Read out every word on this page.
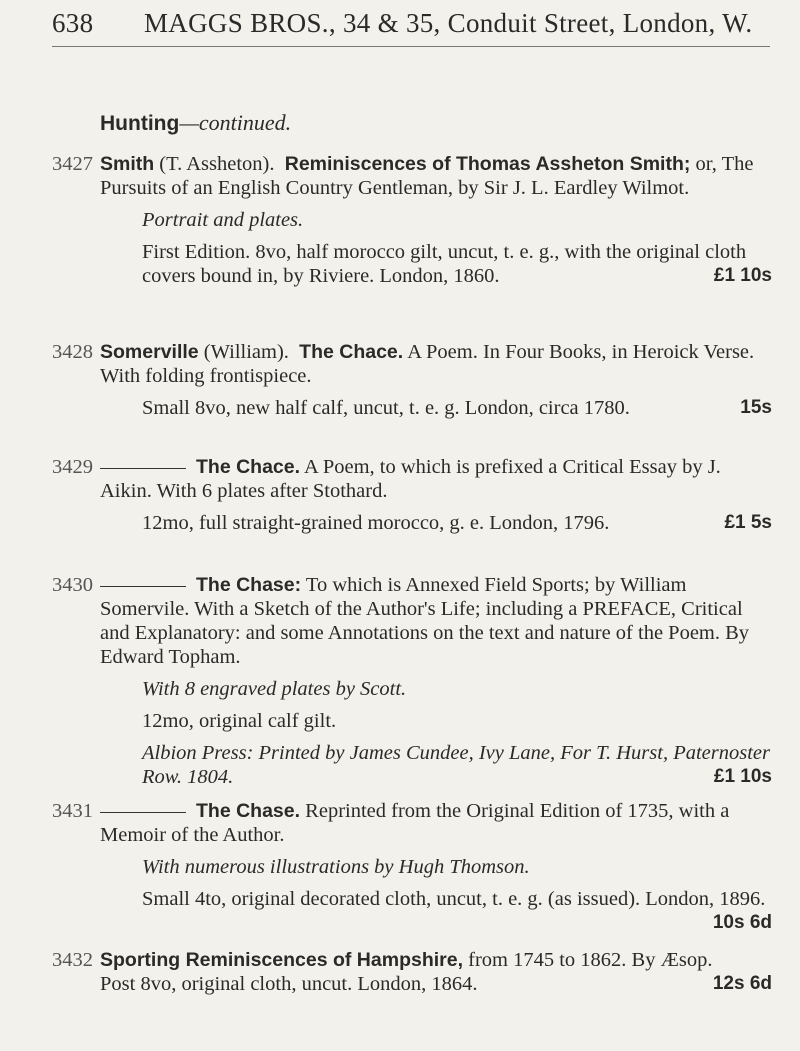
638 MAGGS BROS., 34 & 35, Conduit Street, London, W.
Hunting—continued.
3427 Smith (T. Assheton). Reminiscences of Thomas Assheton Smith; or, The Pursuits of an English Country Gentleman, by Sir J. L. Eardley Wilmot.
Portrait and plates.
First Edition. 8vo, half morocco gilt, uncut, t. e. g., with the original cloth covers bound in, by Riviere. London, 1860.	£1 10s
3428 Somerville (William). The Chace. A Poem. In Four Books, in Heroick Verse. With folding frontispiece.
Small 8vo, new half calf, uncut, t. e. g. London, circa 1780.	15s
3429	The Chace. A Poem, to which is prefixed a Critical Essay by J. Aikin. With 6 plates after Stothard.
12mo, full straight-grained morocco, g. e. London, 1796.	£1 5s
3430	The Chase: To which is Annexed Field Sports; by William Somervile. With a Sketch of the Author's Life; including a PREFACE, Critical and Explanatory: and some Annotations on the text and nature of the Poem. By Edward Topham.
With 8 engraved plates by Scott.
12mo, original calf gilt.
Albion Press: Printed by James Cundee, Ivy Lane, For T. Hurst, Paternoster Row. 1804.	£1 10s
3431	The Chase. Reprinted from the Original Edition of 1735, with a Memoir of the Author.
With numerous illustrations by Hugh Thomson.
Small 4to, original decorated cloth, uncut, t. e. g. (as issued). London, 1896.
10s 6d
3432 Sporting Reminiscences of Hampshire, from 1745 to 1862. By Æsop.
Post 8vo, original cloth, uncut. London, 1864.	12s 6d
